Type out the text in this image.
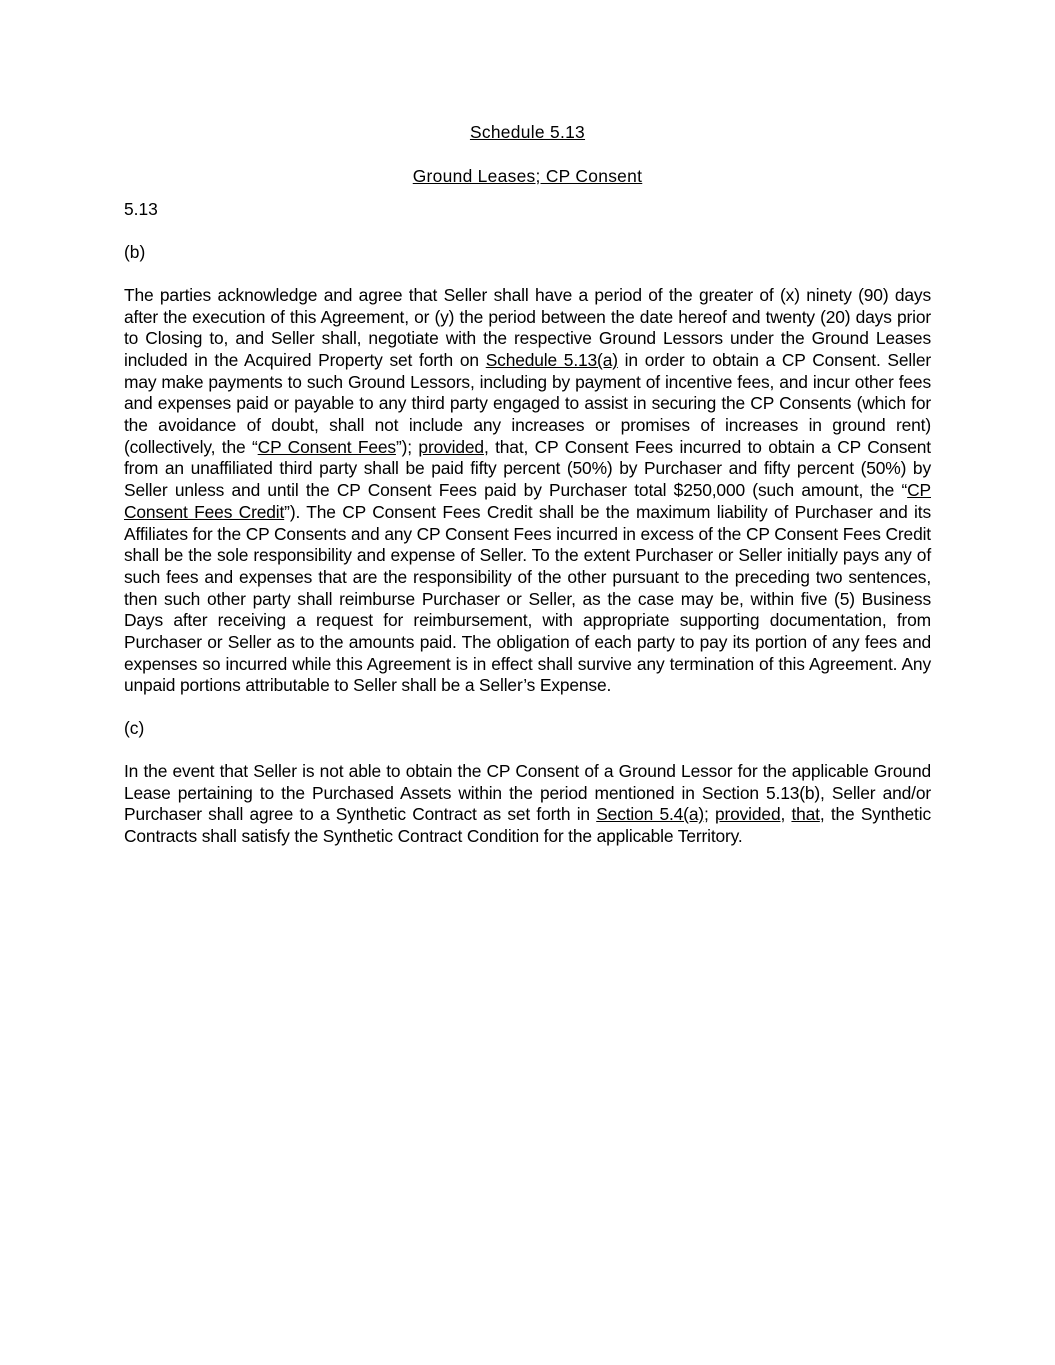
Schedule 5.13
Ground Leases; CP Consent

5.13

(b)

The parties acknowledge and agree that Seller shall have a period of the greater of (x) ninety (90) days after the execution of this Agreement, or (y) the period between the date hereof and twenty (20) days prior to Closing to, and Seller shall, negotiate with the respective Ground Lessors under the Ground Leases included in the Acquired Property set forth on Schedule 5.13(a) in order to obtain a CP Consent. Seller may make payments to such Ground Lessors, including by payment of incentive fees, and incur other fees and expenses paid or payable to any third party engaged to assist in securing the CP Consents (which for the avoidance of doubt, shall not include any increases or promises of increases in ground rent) (collectively, the “CP Consent Fees”); provided, that, CP Consent Fees incurred to obtain a CP Consent from an unaffiliated third party shall be paid fifty percent (50%) by Purchaser and fifty percent (50%) by Seller unless and until the CP Consent Fees paid by Purchaser total $250,000 (such amount, the “CP Consent Fees Credit”). The CP Consent Fees Credit shall be the maximum liability of Purchaser and its Affiliates for the CP Consents and any CP Consent Fees incurred in excess of the CP Consent Fees Credit shall be the sole responsibility and expense of Seller. To the extent Purchaser or Seller initially pays any of such fees and expenses that are the responsibility of the other pursuant to the preceding two sentences, then such other party shall reimburse Purchaser or Seller, as the case may be, within five (5) Business Days after receiving a request for reimbursement, with appropriate supporting documentation, from Purchaser or Seller as to the amounts paid. The obligation of each party to pay its portion of any fees and expenses so incurred while this Agreement is in effect shall survive any termination of this Agreement. Any unpaid portions attributable to Seller shall be a Seller’s Expense.

(c)

In the event that Seller is not able to obtain the CP Consent of a Ground Lessor for the applicable Ground Lease pertaining to the Purchased Assets within the period mentioned in Section 5.13(b), Seller and/or Purchaser shall agree to a Synthetic Contract as set forth in Section 5.4(a); provided, that, the Synthetic Contracts shall satisfy the Synthetic Contract Condition for the applicable Territory.
